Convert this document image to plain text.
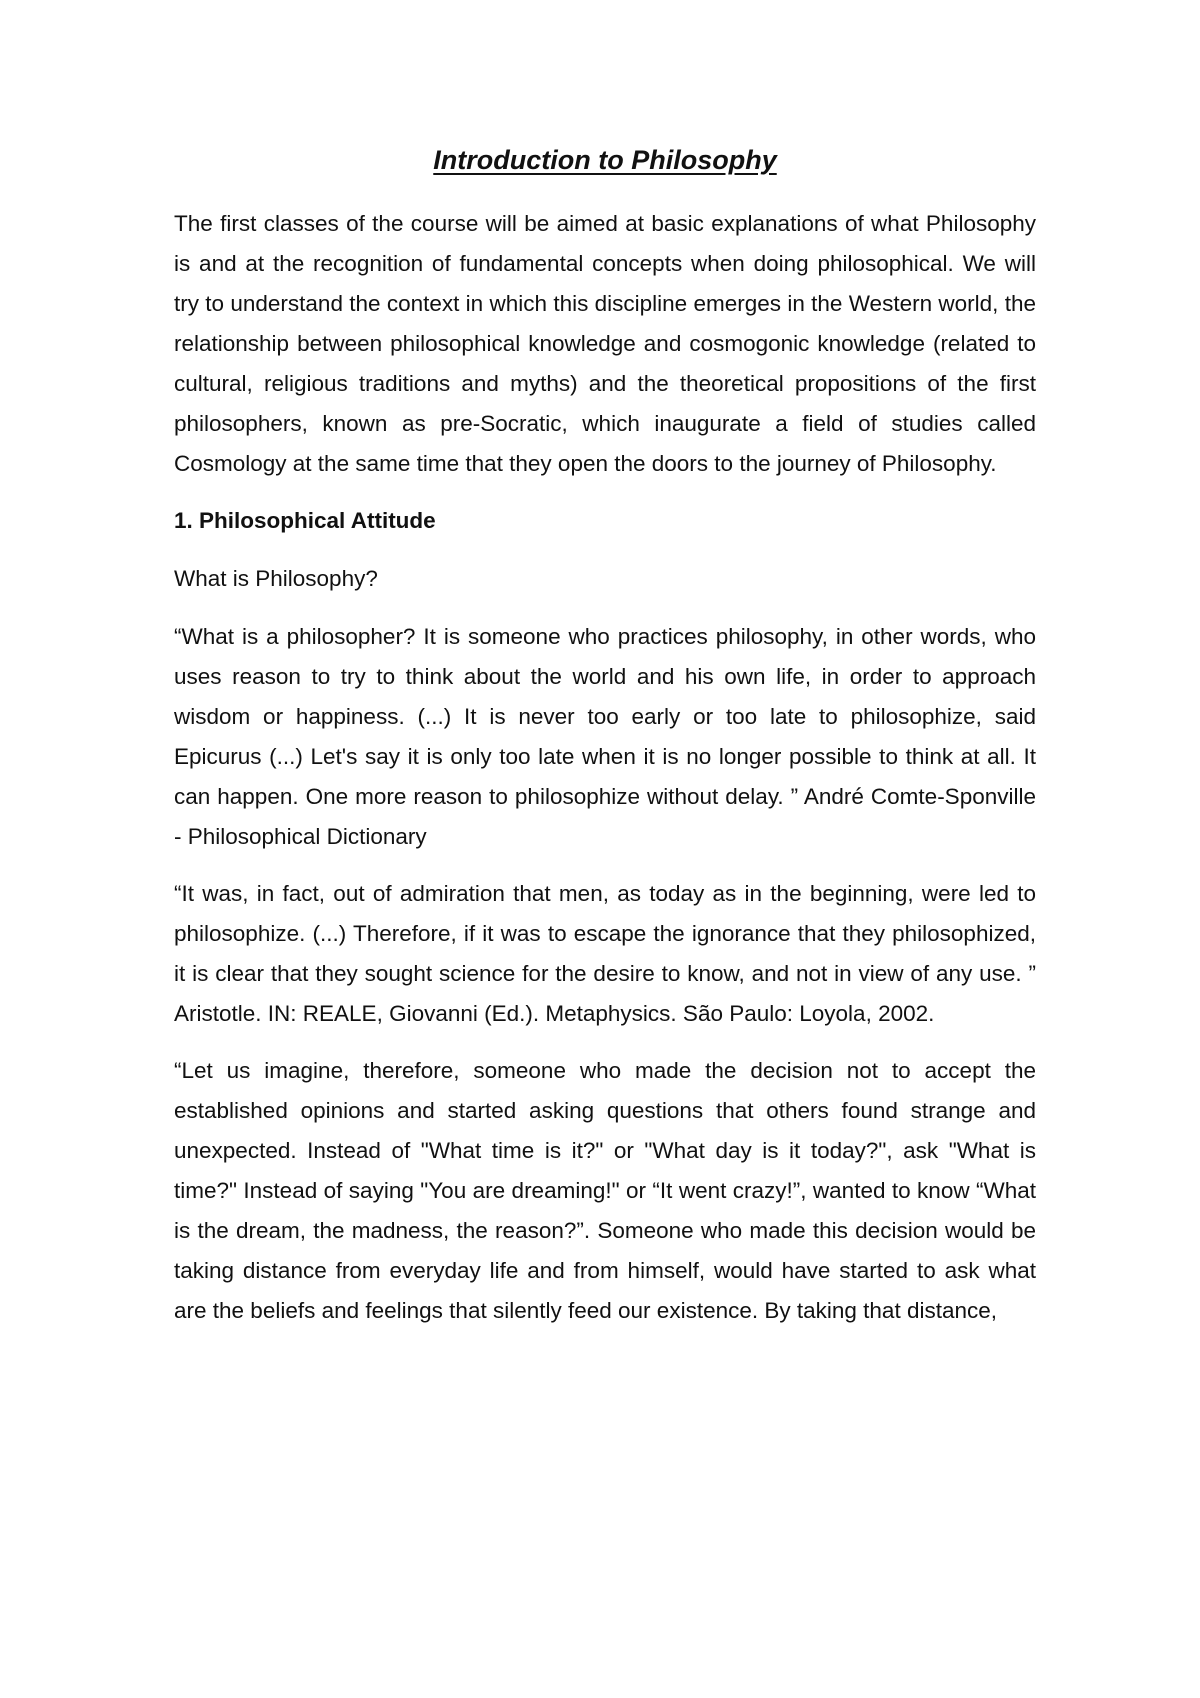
Introduction to Philosophy

The first classes of the course will be aimed at basic explanations of what Philosophy is and at the recognition of fundamental concepts when doing philosophical. We will try to understand the context in which this discipline emerges in the Western world, the relationship between philosophical knowledge and cosmogonic knowledge (related to cultural, religious traditions and myths) and the theoretical propositions of the first philosophers, known as pre-Socratic, which inaugurate a field of studies called Cosmology at the same time that they open the doors to the journey of Philosophy.

1. Philosophical Attitude
What is Philosophy?

“What is a philosopher? It is someone who practices philosophy, in other words, who uses reason to try to think about the world and his own life, in order to approach wisdom or happiness. (...) It is never too early or too late to philosophize, said Epicurus (...) Let's say it is only too late when it is no longer possible to think at all. It can happen. One more reason to philosophize without delay. ” André Comte-Sponville - Philosophical Dictionary

“It was, in fact, out of admiration that men, as today as in the beginning, were led to philosophize. (...) Therefore, if it was to escape the ignorance that they philosophized, it is clear that they sought science for the desire to know, and not in view of any use. ” Aristotle. IN: REALE, Giovanni (Ed.). Metaphysics. São Paulo: Loyola, 2002.

“Let us imagine, therefore, someone who made the decision not to accept the established opinions and started asking questions that others found strange and unexpected. Instead of "What time is it?" or "What day is it today?", ask "What is time?" Instead of saying "You are dreaming!" or “It went crazy!”, wanted to know “What is the dream, the madness, the reason?”. Someone who made this decision would be taking distance from everyday life and from himself, would have started to ask what are the beliefs and feelings that silently feed our existence. By taking that distance,
